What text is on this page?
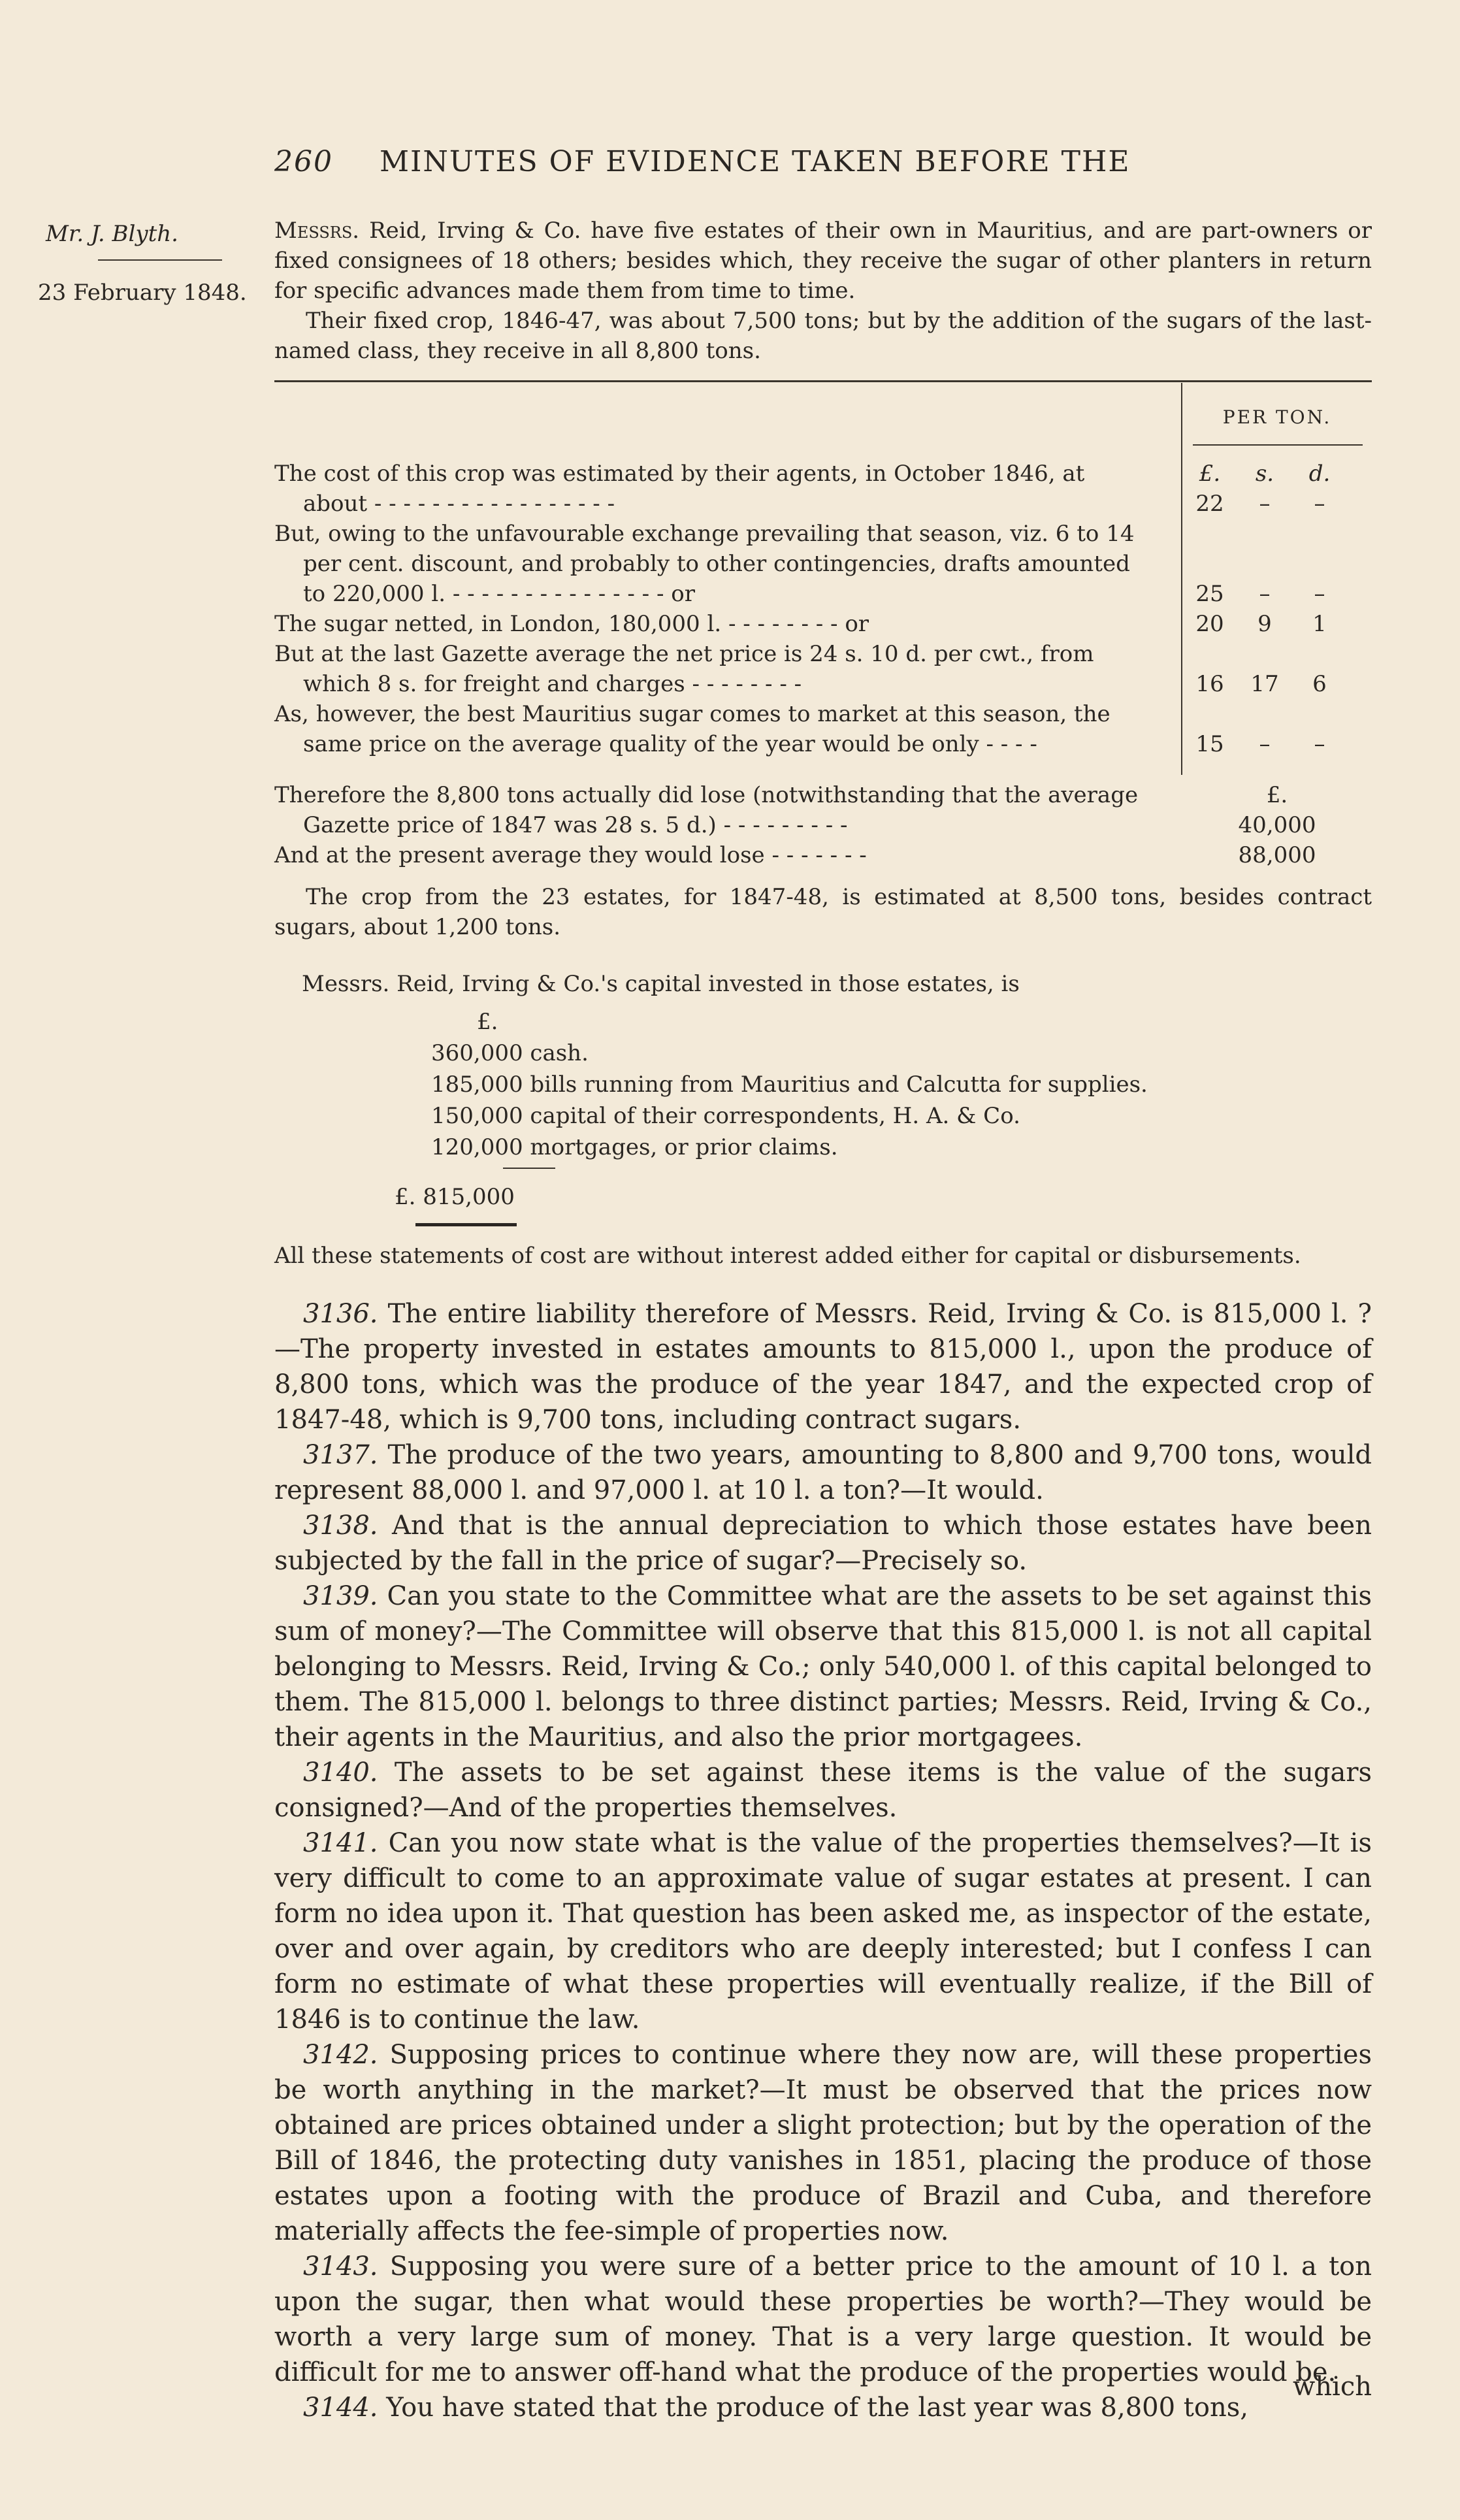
260 MINUTES OF EVIDENCE TAKEN BEFORE THE
Mr. J. Blyth.
23 February 1848.

Messrs. Reid, Irving & Co. have five estates of their own in Mauritius, and are part-owners or fixed consignees of 18 others; besides which, they receive the sugar of other planters in return for specific advances made them from time to time.

Their fixed crop, 1846-47, was about 7,500 tons; but by the addition of the sugars of the last-named class, they receive in all 8,800 tons.

PER TON.
The cost of this crop was estimated by their agents, in October 1846, at	£. s. d.
about - - - - - - - - - - - - - - - - -	22 – –
But, owing to the unfavourable exchange prevailing that season, viz. 6 to 14
per cent. discount, and probably to other contingencies, drafts amounted
to 220,000 l. - - - - - - - - - - - - - - - or	25 – –
The sugar netted, in London, 180,000 l. - - - - - - - - or	20 9 1
But at the last Gazette average the net price is 24 s. 10 d. per cwt., from
which 8 s. for freight and charges - - - - - - - -	16 17 6
As, however, the best Mauritius sugar comes to market at this season, the
same price on the average quality of the year would be only - - - -	15 – –
Therefore the 8,800 tons actually did lose (notwithstanding that the average	£.
Gazette price of 1847 was 28 s. 5 d.) - - - - - - - - -	40,000
And at the present average they would lose - - - - - - -	88,000

The crop from the 23 estates, for 1847-48, is estimated at 8,500 tons, besides contract sugars, about 1,200 tons.

Messrs. Reid, Irving & Co.'s capital invested in those estates, is
£.
360,000 cash.
185,000 bills running from Mauritius and Calcutta for supplies.
150,000 capital of their correspondents, H. A. & Co.
120,000 mortgages, or prior claims.
£. 815,000
All these statements of cost are without interest added either for capital or disbursements.

3136. The entire liability therefore of Messrs. Reid, Irving & Co. is 815,000 l. ?—The property invested in estates amounts to 815,000 l., upon the produce of 8,800 tons, which was the produce of the year 1847, and the expected crop of 1847-48, which is 9,700 tons, including contract sugars.

3137. The produce of the two years, amounting to 8,800 and 9,700 tons, would represent 88,000 l. and 97,000 l. at 10 l. a ton?—It would.

3138. And that is the annual depreciation to which those estates have been subjected by the fall in the price of sugar?—Precisely so.

3139. Can you state to the Committee what are the assets to be set against this sum of money?—The Committee will observe that this 815,000 l. is not all capital belonging to Messrs. Reid, Irving & Co.; only 540,000 l. of this capital belonged to them. The 815,000 l. belongs to three distinct parties; Messrs. Reid, Irving & Co., their agents in the Mauritius, and also the prior mortgagees.

3140. The assets to be set against these items is the value of the sugars consigned?—And of the properties themselves.

3141. Can you now state what is the value of the properties themselves?—It is very difficult to come to an approximate value of sugar estates at present. I can form no idea upon it. That question has been asked me, as inspector of the estate, over and over again, by creditors who are deeply interested; but I confess I can form no estimate of what these properties will eventually realize, if the Bill of 1846 is to continue the law.

3142. Supposing prices to continue where they now are, will these properties be worth anything in the market?—It must be observed that the prices now obtained are prices obtained under a slight protection; but by the operation of the Bill of 1846, the protecting duty vanishes in 1851, placing the produce of those estates upon a footing with the produce of Brazil and Cuba, and therefore materially affects the fee-simple of properties now.

3143. Supposing you were sure of a better price to the amount of 10 l. a ton upon the sugar, then what would these properties be worth?—They would be worth a very large sum of money. That is a very large question. It would be difficult for me to answer off-hand what the produce of the properties would be.

3144. You have stated that the produce of the last year was 8,800 tons,

which
